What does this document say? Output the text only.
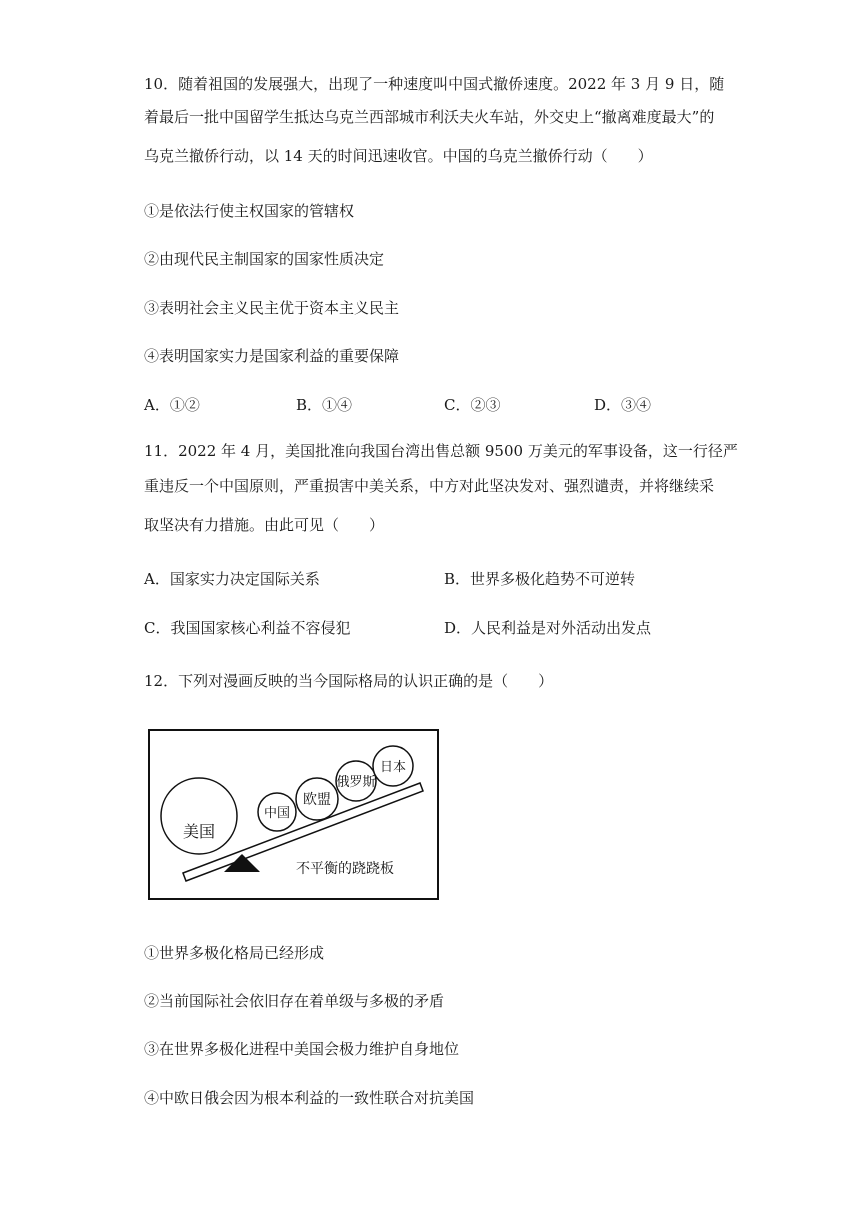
10．随着祖国的发展强大，出现了一种速度叫中国式撤侨速度。2022 年 3 月 9 日，随
着最后一批中国留学生抵达乌克兰西部城市利沃夫火车站，外交史上“撤离难度最大”的
乌克兰撤侨行动，以 14 天的时间迅速收官。中国的乌克兰撤侨行动（　　）
①是依法行使主权国家的管辖权
②由现代民主制国家的国家性质决定
③表明社会主义民主优于资本主义民主
④表明国家实力是国家利益的重要保障
A．①②	B．①④	C．②③	D．③④
11．2022 年 4 月，美国批准向我国台湾出售总额 9500 万美元的军事设备，这一行径严
重违反一个中国原则，严重损害中美关系，中方对此坚决发对、强烈谴责，并将继续采
取坚决有力措施。由此可见（　　）
A．国家实力决定国际关系	B．世界多极化趋势不可逆转
C．我国国家核心利益不容侵犯	D．人民利益是对外活动出发点
12．下列对漫画反映的当今国际格局的认识正确的是（　　）
美国
中国
欧盟
俄罗斯
日本
不平衡的跷跷板
①世界多极化格局已经形成
②当前国际社会依旧存在着单级与多极的矛盾
③在世界多极化进程中美国会极力维护自身地位
④中欧日俄会因为根本利益的一致性联合对抗美国
